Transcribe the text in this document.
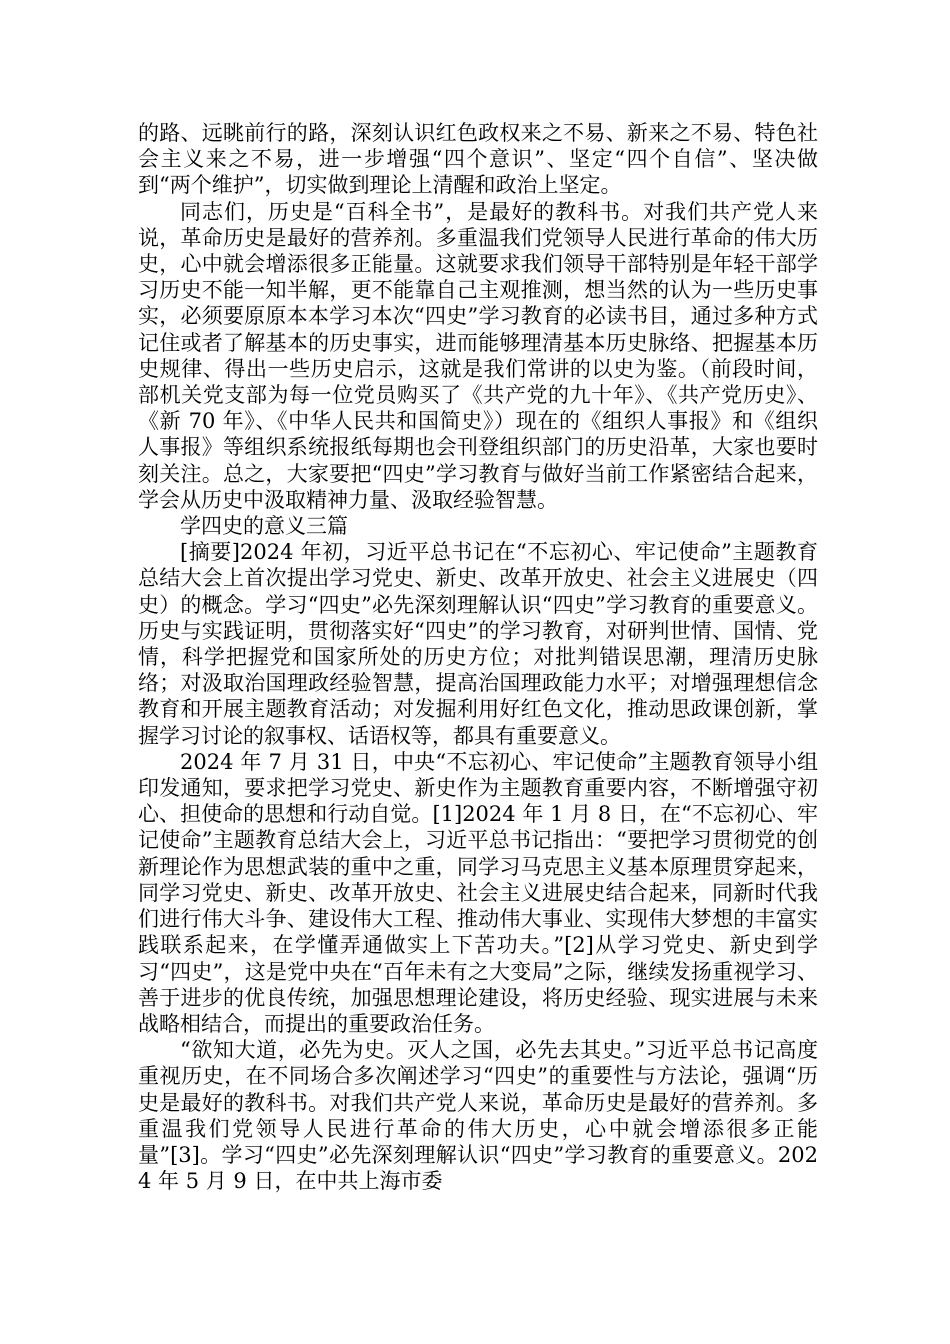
的路、远眺前行的路，深刻认识红色政权来之不易、新来之不易、特色社会主义来之不易，进一步增强“四个意识”、坚定“四个自信”、坚决做到“两个维护”，切实做到理论上清醒和政治上坚定。

同志们，历史是“百科全书”，是最好的教科书。对我们共产党人来说，革命历史是最好的营养剂。多重温我们党领导人民进行革命的伟大历史，心中就会增添很多正能量。这就要求我们领导干部特别是年轻干部学习历史不能一知半解，更不能靠自己主观推测，想当然的认为一些历史事实，必须要原原本本学习本次“四史”学习教育的必读书目，通过多种方式记住或者了解基本的历史事实，进而能够理清基本历史脉络、把握基本历史规律、得出一些历史启示，这就是我们常讲的以史为鉴。（前段时间，部机关党支部为每一位党员购买了《共产党的九十年》、《共产党历史》、《新 70 年》、《中华人民共和国简史》）现在的《组织人事报》和《组织人事报》等组织系统报纸每期也会刊登组织部门的历史沿革，大家也要时刻关注。总之，大家要把“四史”学习教育与做好当前工作紧密结合起来，学会从历史中汲取精神力量、汲取经验智慧。

学四史的意义三篇

[摘要]2024 年初，习近平总书记在“不忘初心、牢记使命”主题教育总结大会上首次提出学习党史、新史、改革开放史、社会主义进展史（四史）的概念。学习“四史”必先深刻理解认识“四史”学习教育的重要意义。历史与实践证明，贯彻落实好“四史”的学习教育，对研判世情、国情、党情，科学把握党和国家所处的历史方位；对批判错误思潮，理清历史脉络；对汲取治国理政经验智慧，提高治国理政能力水平；对增强理想信念教育和开展主题教育活动；对发掘利用好红色文化，推动思政课创新，掌握学习讨论的叙事权、话语权等，都具有重要意义。

2024 年 7 月 31 日，中央“不忘初心、牢记使命”主题教育领导小组印发通知，要求把学习党史、新史作为主题教育重要内容，不断增强守初心、担使命的思想和行动自觉。[1]2024 年 1 月 8 日，在“不忘初心、牢记使命”主题教育总结大会上，习近平总书记指出：“要把学习贯彻党的创新理论作为思想武装的重中之重，同学习马克思主义基本原理贯穿起来，同学习党史、新史、改革开放史、社会主义进展史结合起来，同新时代我们进行伟大斗争、建设伟大工程、推动伟大事业、实现伟大梦想的丰富实践联系起来，在学懂弄通做实上下苦功夫。”[2]从学习党史、新史到学习“四史”，这是党中央在“百年未有之大变局”之际，继续发扬重视学习、善于进步的优良传统，加强思想理论建设，将历史经验、现实进展与未来战略相结合，而提出的重要政治任务。

“欲知大道，必先为史。灭人之国，必先去其史。”习近平总书记高度重视历史，在不同场合多次阐述学习“四史”的重要性与方法论，强调“历史是最好的教科书。对我们共产党人来说，革命历史是最好的营养剂。多重温我们党领导人民进行革命的伟大历史，心中就会增添很多正能量”[3]。学习“四史”必先深刻理解认识“四史”学习教育的重要意义。2024 年 5 月 9 日，在中共上海市委
